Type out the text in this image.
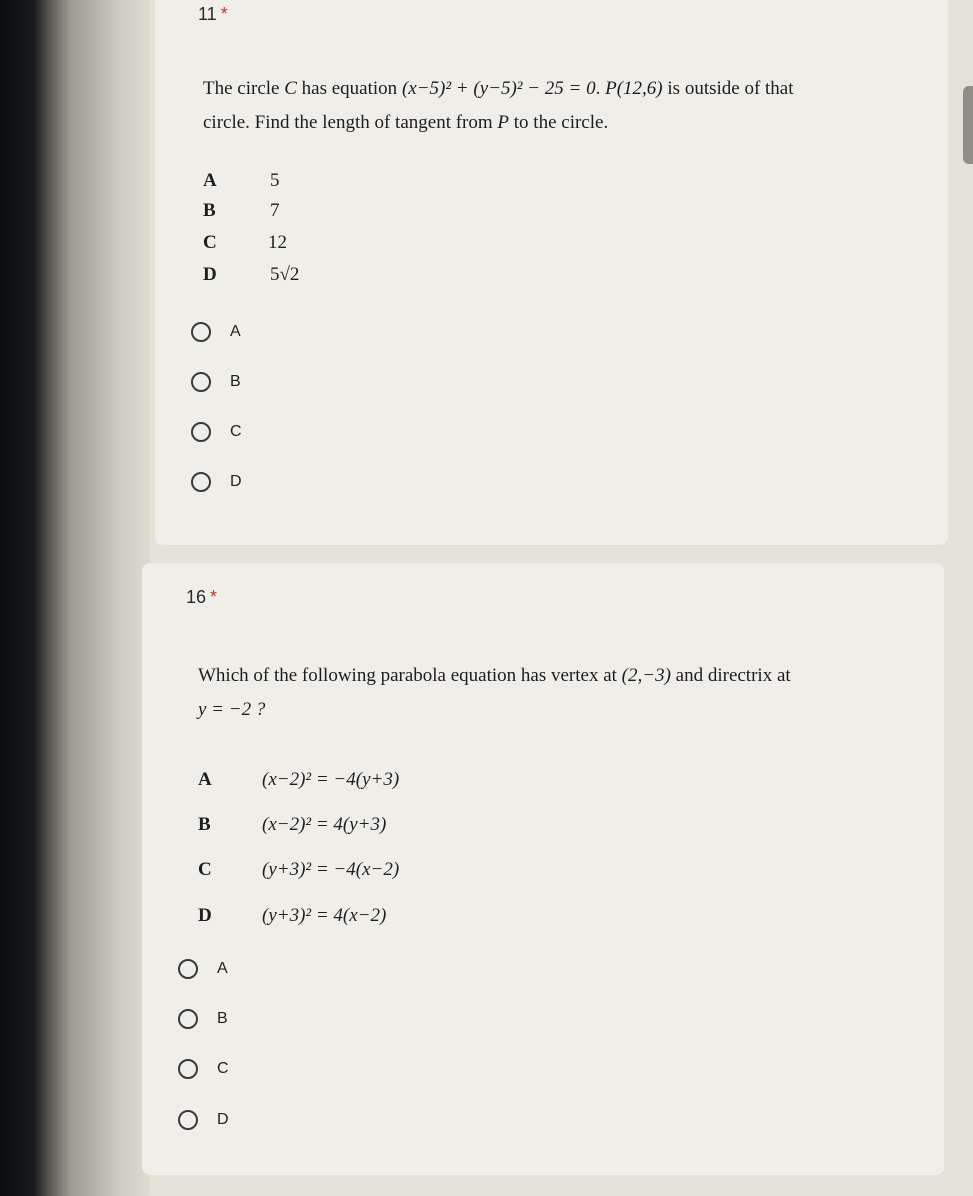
11 *
The circle C has equation (x−5)² + (y−5)² − 25 = 0. P(12,6) is outside of that
circle. Find the length of tangent from P to the circle.
A	5
B	7
C	12
D	5√2
A
B
C
D
16 *
Which of the following parabola equation has vertex at (2,−3) and directrix at
y = −2 ?
A	(x−2)² = −4(y+3)
B	(x−2)² = 4(y+3)
C	(y+3)² = −4(x−2)
D	(y+3)² = 4(x−2)
A
B
C
D
